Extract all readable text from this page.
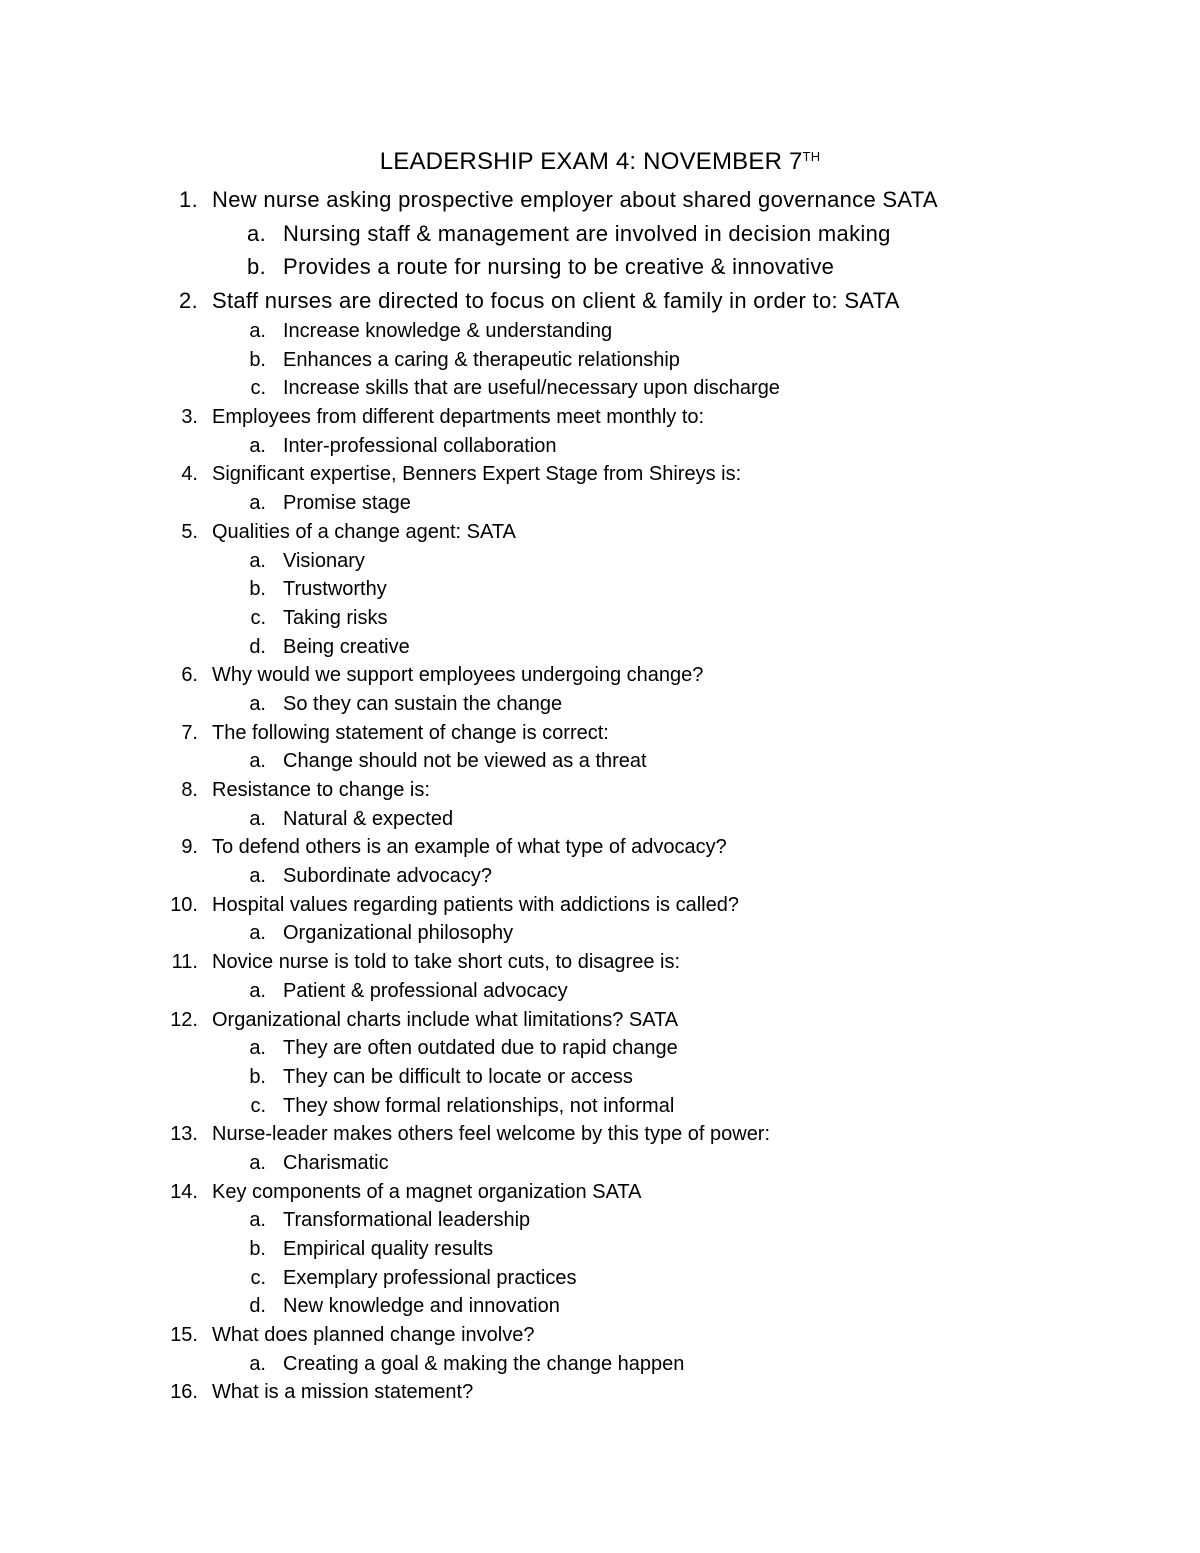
LEADERSHIP EXAM 4: NOVEMBER 7TH
1. New nurse asking prospective employer about shared governance SATA
a. Nursing staff & management are involved in decision making
b. Provides a route for nursing to be creative & innovative
2. Staff nurses are directed to focus on client & family in order to: SATA
a. Increase knowledge & understanding
b. Enhances a caring & therapeutic relationship
c. Increase skills that are useful/necessary upon discharge
3. Employees from different departments meet monthly to:
a. Inter-professional collaboration
4. Significant expertise, Benners Expert Stage from Shireys is:
a. Promise stage
5. Qualities of a change agent: SATA
a. Visionary
b. Trustworthy
c. Taking risks
d. Being creative
6. Why would we support employees undergoing change?
a. So they can sustain the change
7. The following statement of change is correct:
a. Change should not be viewed as a threat
8. Resistance to change is:
a. Natural & expected
9. To defend others is an example of what type of advocacy?
a. Subordinate advocacy?
10. Hospital values regarding patients with addictions is called?
a. Organizational philosophy
11. Novice nurse is told to take short cuts, to disagree is:
a. Patient & professional advocacy
12. Organizational charts include what limitations? SATA
a. They are often outdated due to rapid change
b. They can be difficult to locate or access
c. They show formal relationships, not informal
13. Nurse-leader makes others feel welcome by this type of power:
a. Charismatic
14. Key components of a magnet organization SATA
a. Transformational leadership
b. Empirical quality results
c. Exemplary professional practices
d. New knowledge and innovation
15. What does planned change involve?
a. Creating a goal & making the change happen
16. What is a mission statement?
